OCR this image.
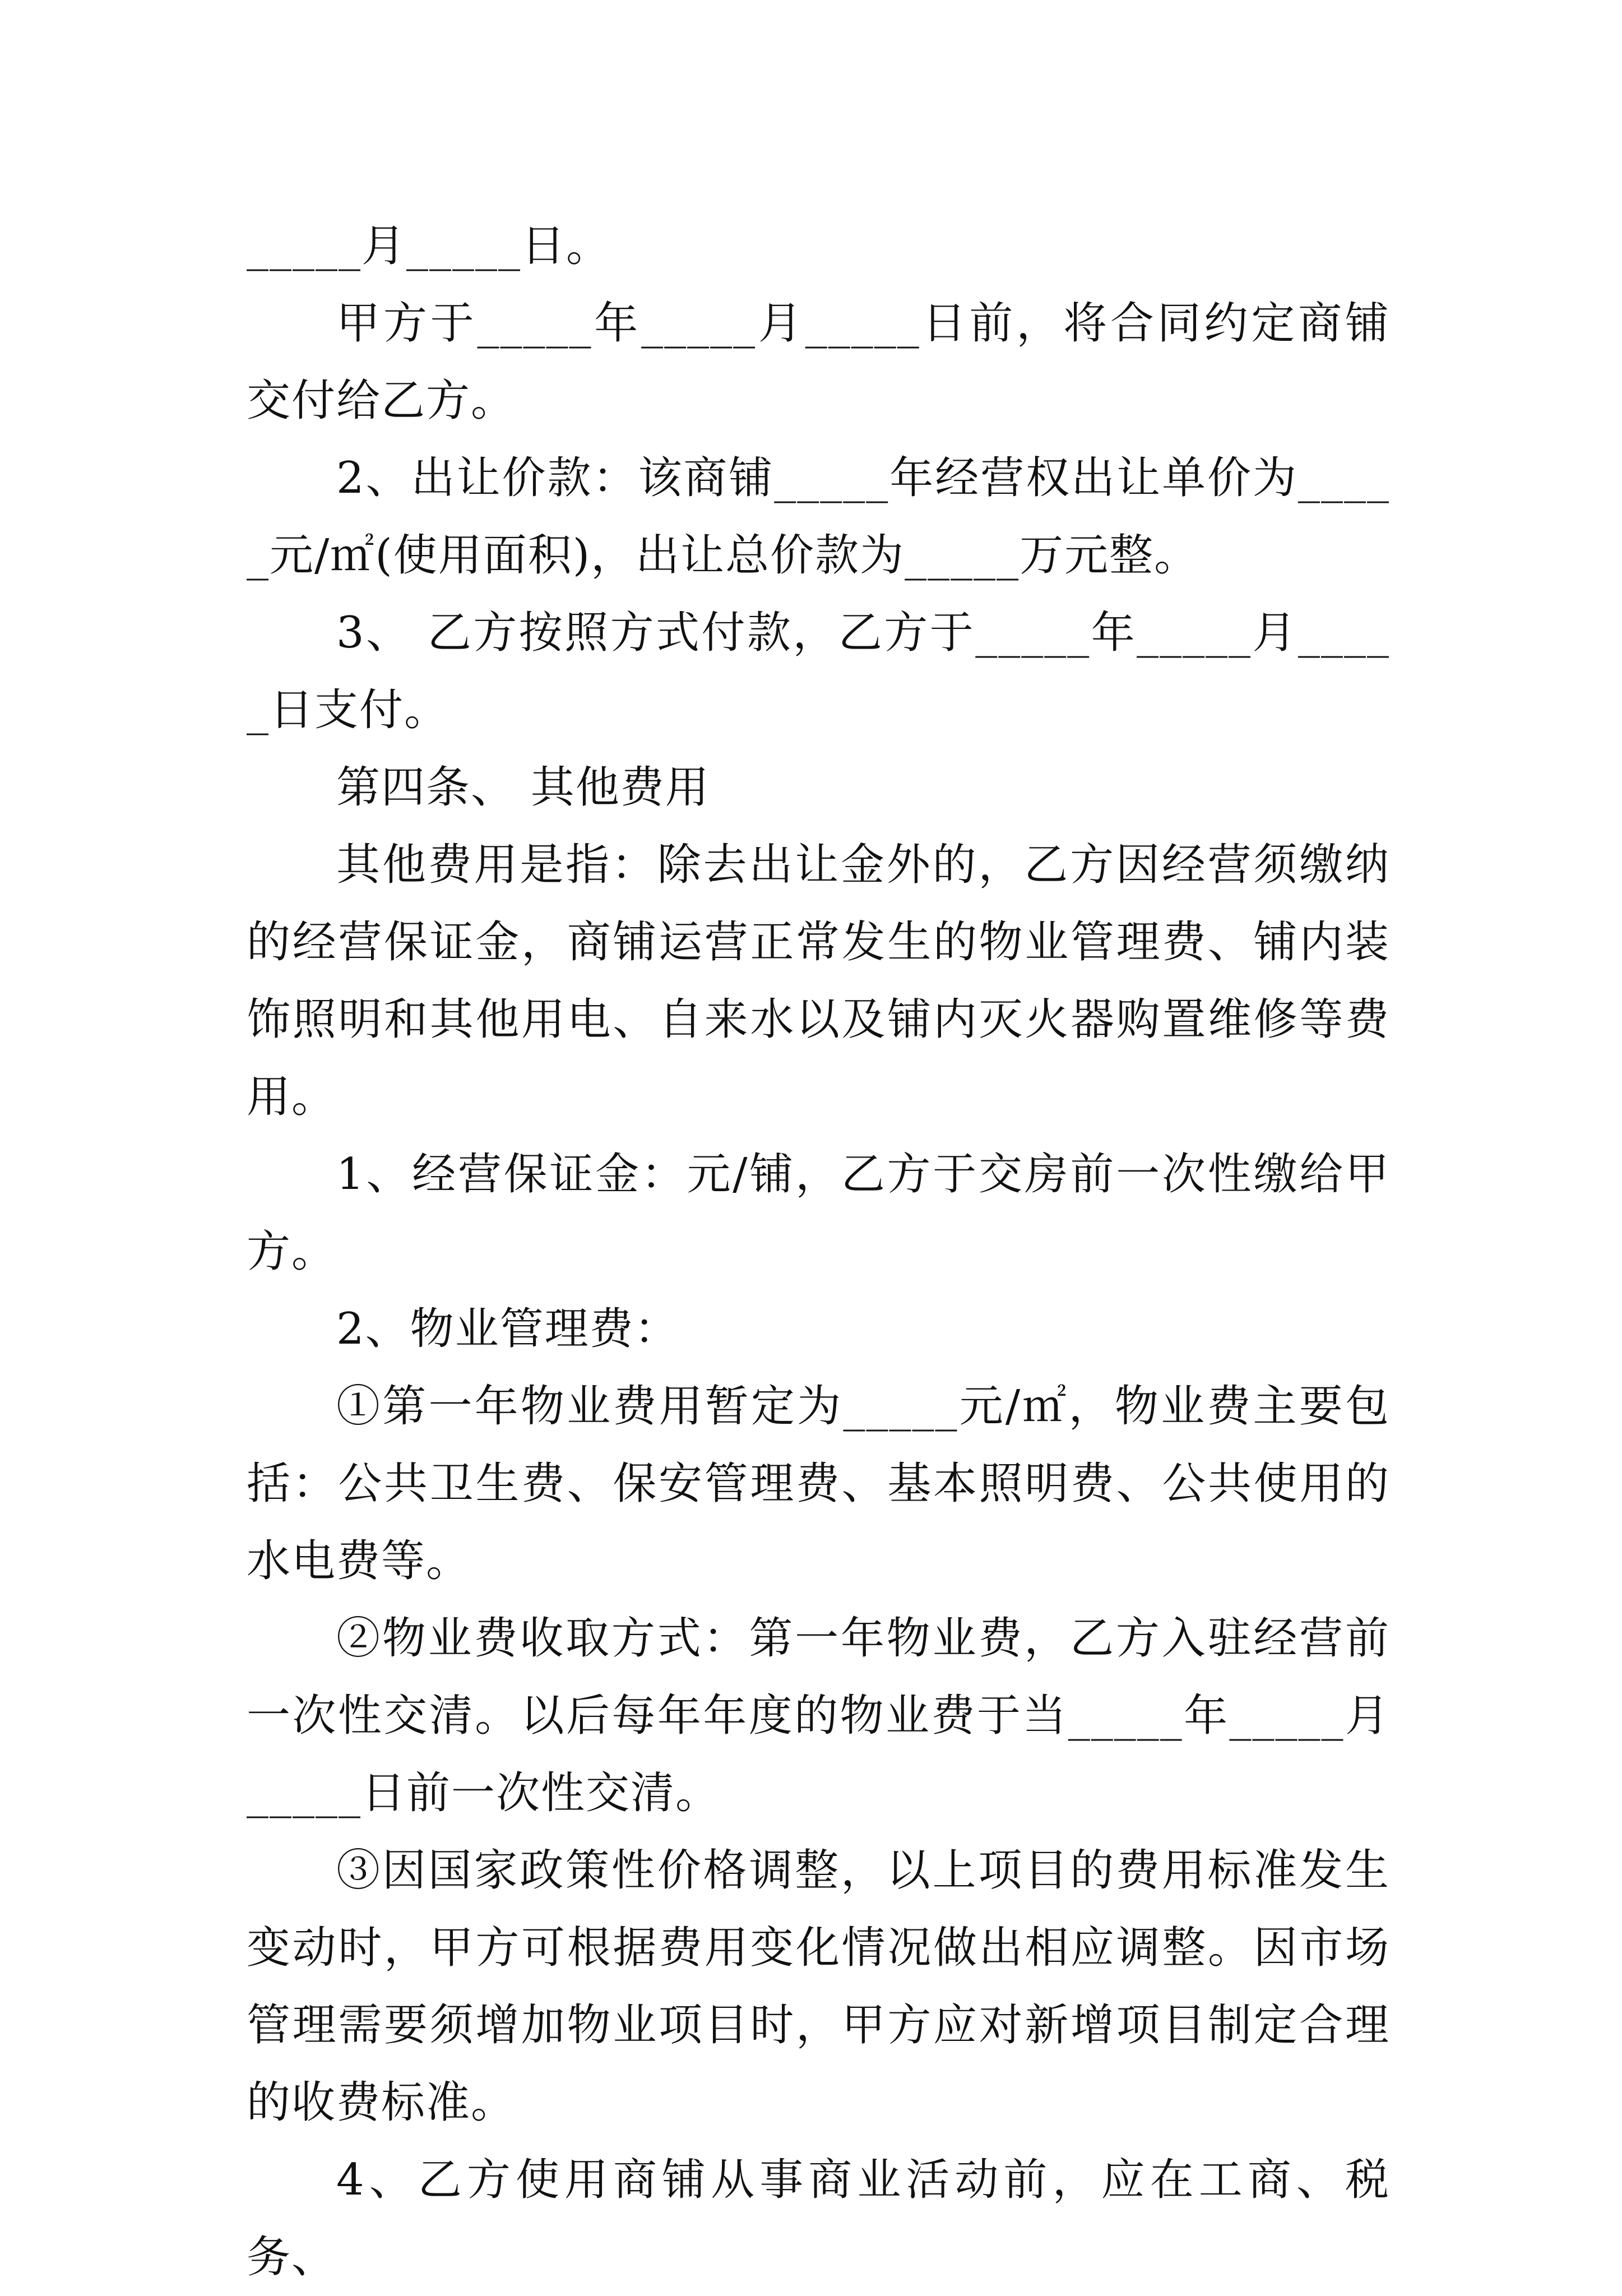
_____月_____日。

甲方于_____年_____月_____日前，将合同约定商铺交付给乙方。

2、出让价款：该商铺_____年经营权出让单价为_____元/㎡(使用面积)，出让总价款为_____万元整。

3、 乙方按照方式付款，乙方于_____年_____月_____日支付。

第四条、 其他费用

其他费用是指：除去出让金外的，乙方因经营须缴纳的经营保证金，商铺运营正常发生的物业管理费、铺内装饰照明和其他用电、自来水以及铺内灭火器购置维修等费用。

1、经营保证金：元/铺，乙方于交房前一次性缴给甲方。

2、物业管理费：

①第一年物业费用暂定为_____元/㎡，物业费主要包括：公共卫生费、保安管理费、基本照明费、公共使用的水电费等。

②物业费收取方式：第一年物业费，乙方入驻经营前一次性交清。以后每年年度的物业费于当_____年_____月_____日前一次性交清。

③因国家政策性价格调整，以上项目的费用标准发生变动时，甲方可根据费用变化情况做出相应调整。因市场管理需要须增加物业项目时，甲方应对新增项目制定合理的收费标准。

4、乙方使用商铺从事商业活动前，应在工商、税务、
